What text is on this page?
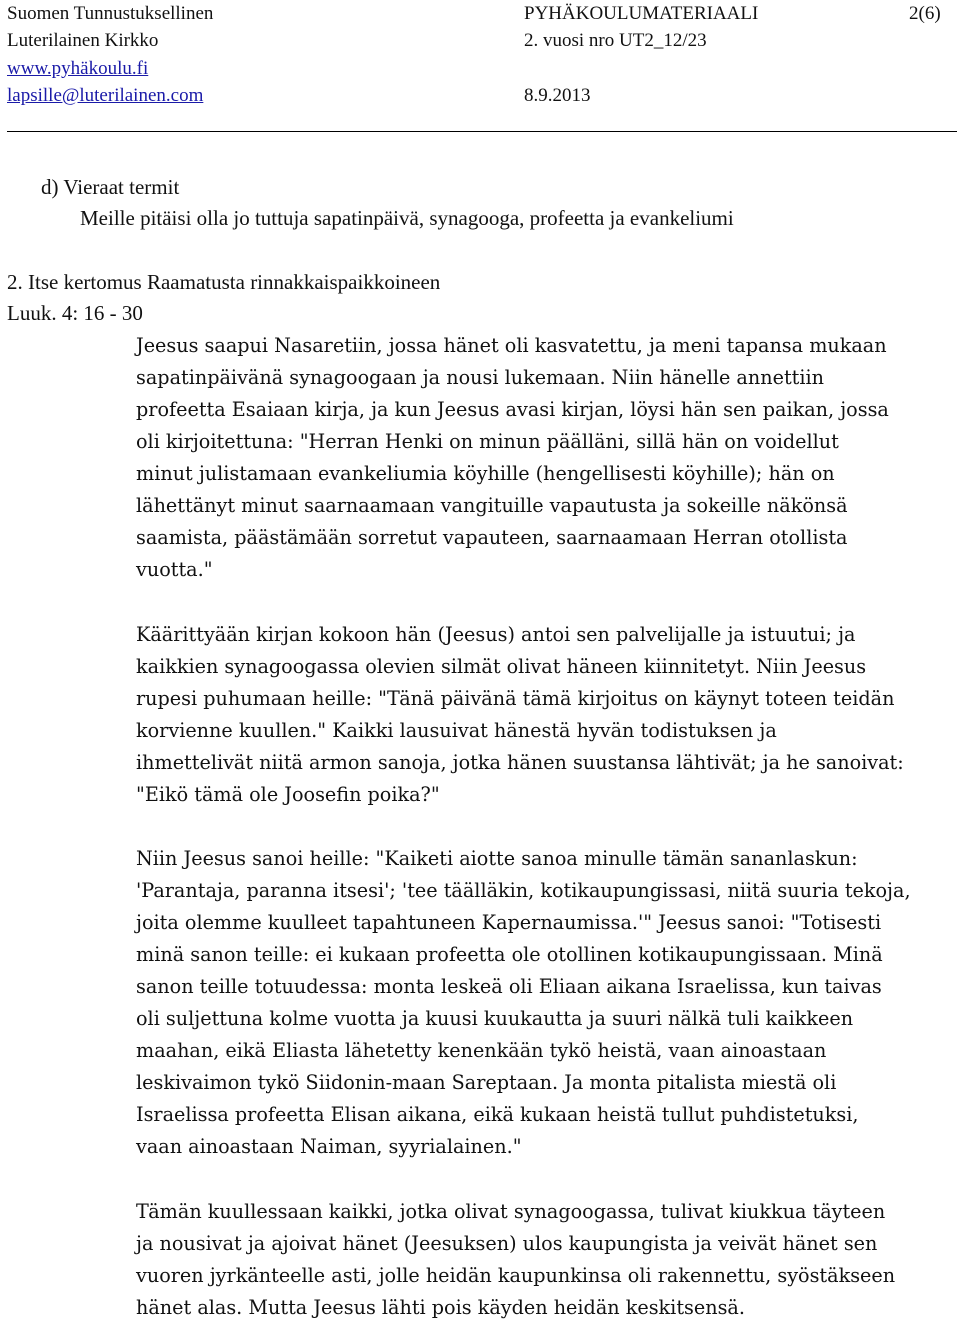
Suomen Tunnustuksellinen
Luterilainen Kirkko
www.pyhäkoulu.fi
lapsille@luterilainen.com
PYHÄKOULUMATERIAALI
2. vuosi nro UT2_12/23
8.9.2013
2(6)
d) Vieraat termit
Meille pitäisi olla jo tuttuja sapatinpäivä, synagooga, profeetta ja evankeliumi
2. Itse kertomus Raamatusta rinnakkaispaikkoineen
Luuk. 4: 16 - 30
Jeesus saapui Nasaretiin, jossa hänet oli kasvatettu, ja meni tapansa mukaan
sapatinpäivänä synagoogaan ja nousi lukemaan. Niin hänelle annettiin
profeetta Esaiaan kirja, ja kun Jeesus avasi kirjan, löysi hän sen paikan, jossa
oli kirjoitettuna: "Herran Henki on minun päälläni, sillä hän on voidellut
minut julistamaan evankeliumia köyhille (hengellisesti köyhille); hän on
lähettänyt minut saarnaamaan vangituille vapautusta ja sokeille näkönsä
saamista, päästämään sorretut vapauteen, saarnaamaan Herran otollista
vuotta."
Käärittyään kirjan kokoon hän (Jeesus) antoi sen palvelijalle ja istuutui; ja
kaikkien synagoogassa olevien silmät olivat häneen kiinnitetyt. Niin Jeesus
rupesi puhumaan heille: "Tänä päivänä tämä kirjoitus on käynyt toteen teidän
korvienne kuullen." Kaikki lausuivat hänestä hyvän todistuksen ja
ihmettelivät niitä armon sanoja, jotka hänen suustansa lähtivät; ja he sanoivat:
"Eikö tämä ole Joosefin poika?"
Niin Jeesus sanoi heille: "Kaiketi aiotte sanoa minulle tämän sananlaskun:
'Parantaja, paranna itsesi'; 'tee täälläkin, kotikaupungissasi, niitä suuria tekoja,
joita olemme kuulleet tapahtuneen Kapernaumissa.'" Jeesus sanoi: "Totisesti
minä sanon teille: ei kukaan profeetta ole otollinen kotikaupungissaan. Minä
sanon teille totuudessa: monta leskeä oli Eliaan aikana Israelissa, kun taivas
oli suljettuna kolme vuotta ja kuusi kuukautta ja suuri nälkä tuli kaikkeen
maahan, eikä Eliasta lähetetty kenenkään tykö heistä, vaan ainoastaan
leskivaimon tykö Siidonin-maan Sareptaan. Ja monta pitalista miestä oli
Israelissa profeetta Elisan aikana, eikä kukaan heistä tullut puhdistetuksi,
vaan ainoastaan Naiman, syyrialainen."
Tämän kuullessaan kaikki, jotka olivat synagoogassa, tulivat kiukkua täyteen
ja nousivat ja ajoivat hänet (Jeesuksen) ulos kaupungista ja veivät hänet sen
vuoren jyrkänteelle asti, jolle heidän kaupunkinsa oli rakennettu, syöstäkseen
hänet alas. Mutta Jeesus lähti pois käyden heidän keskitsensä.
